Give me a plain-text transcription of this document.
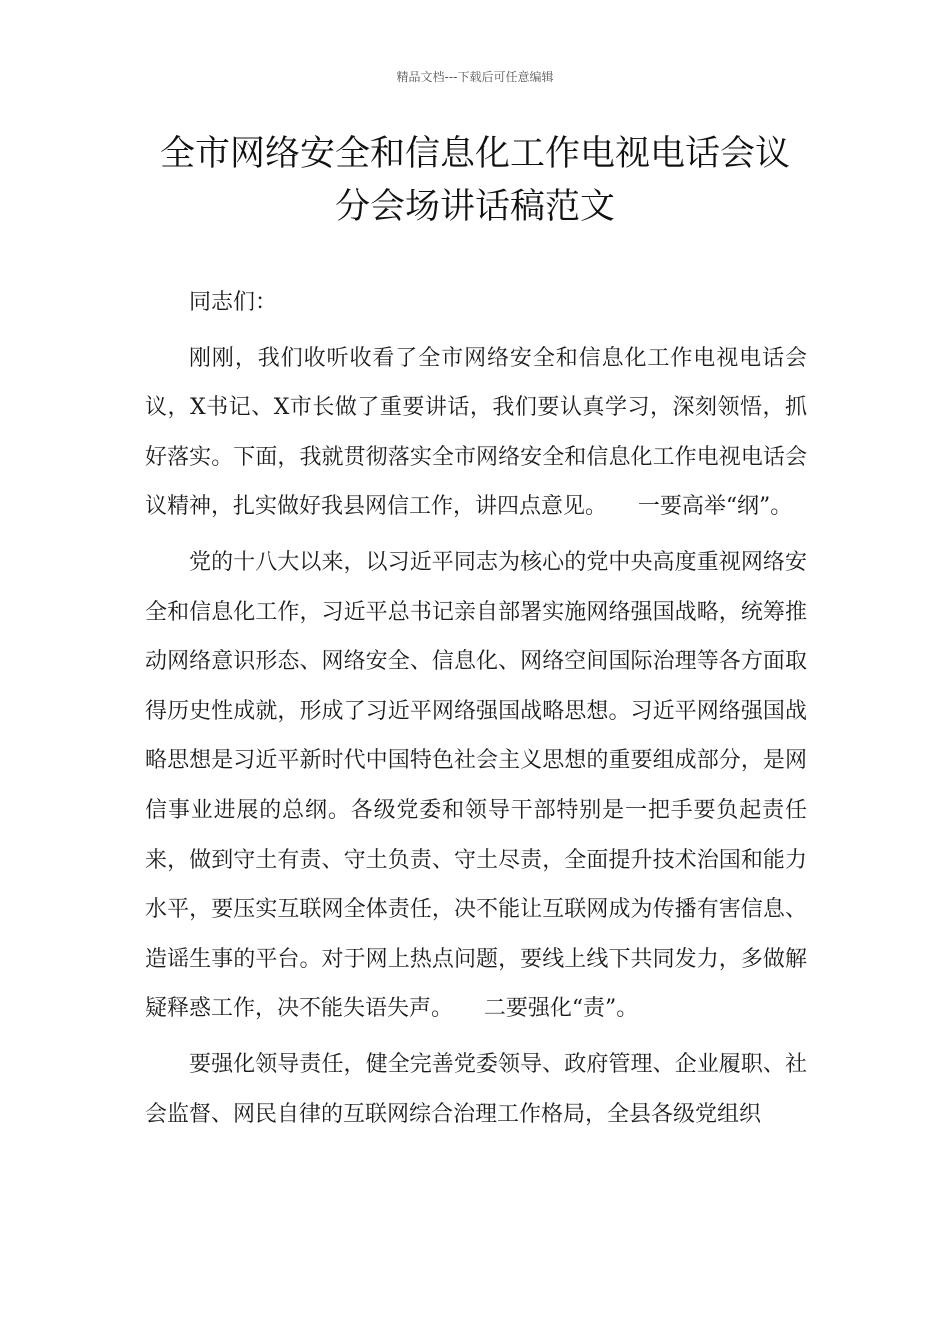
精品文档---下载后可任意编辑
全市网络安全和信息化工作电视电话会议分会场讲话稿范文

同志们：

刚刚，我们收听收看了全市网络安全和信息化工作电视电话会议，X书记、X市长做了重要讲话，我们要认真学习，深刻领悟，抓好落实。下面，我就贯彻落实全市网络安全和信息化工作电视电话会议精神，扎实做好我县网信工作，讲四点意见。 一要高举“纲”。

党的十八大以来，以习近平同志为核心的党中央高度重视网络安全和信息化工作，习近平总书记亲自部署实施网络强国战略，统筹推动网络意识形态、网络安全、信息化、网络空间国际治理等各方面取得历史性成就，形成了习近平网络强国战略思想。习近平网络强国战略思想是习近平新时代中国特色社会主义思想的重要组成部分，是网信事业进展的总纲。各级党委和领导干部特别是一把手要负起责任来，做到守土有责、守土负责、守土尽责，全面提升技术治国和能力水平，要压实互联网全体责任，决不能让互联网成为传播有害信息、造谣生事的平台。对于网上热点问题，要线上线下共同发力，多做解疑释惑工作，决不能失语失声。 二要强化“责”。

要强化领导责任，健全完善党委领导、政府管理、企业履职、社会监督、网民自律的互联网综合治理工作格局，全县各级党组织
